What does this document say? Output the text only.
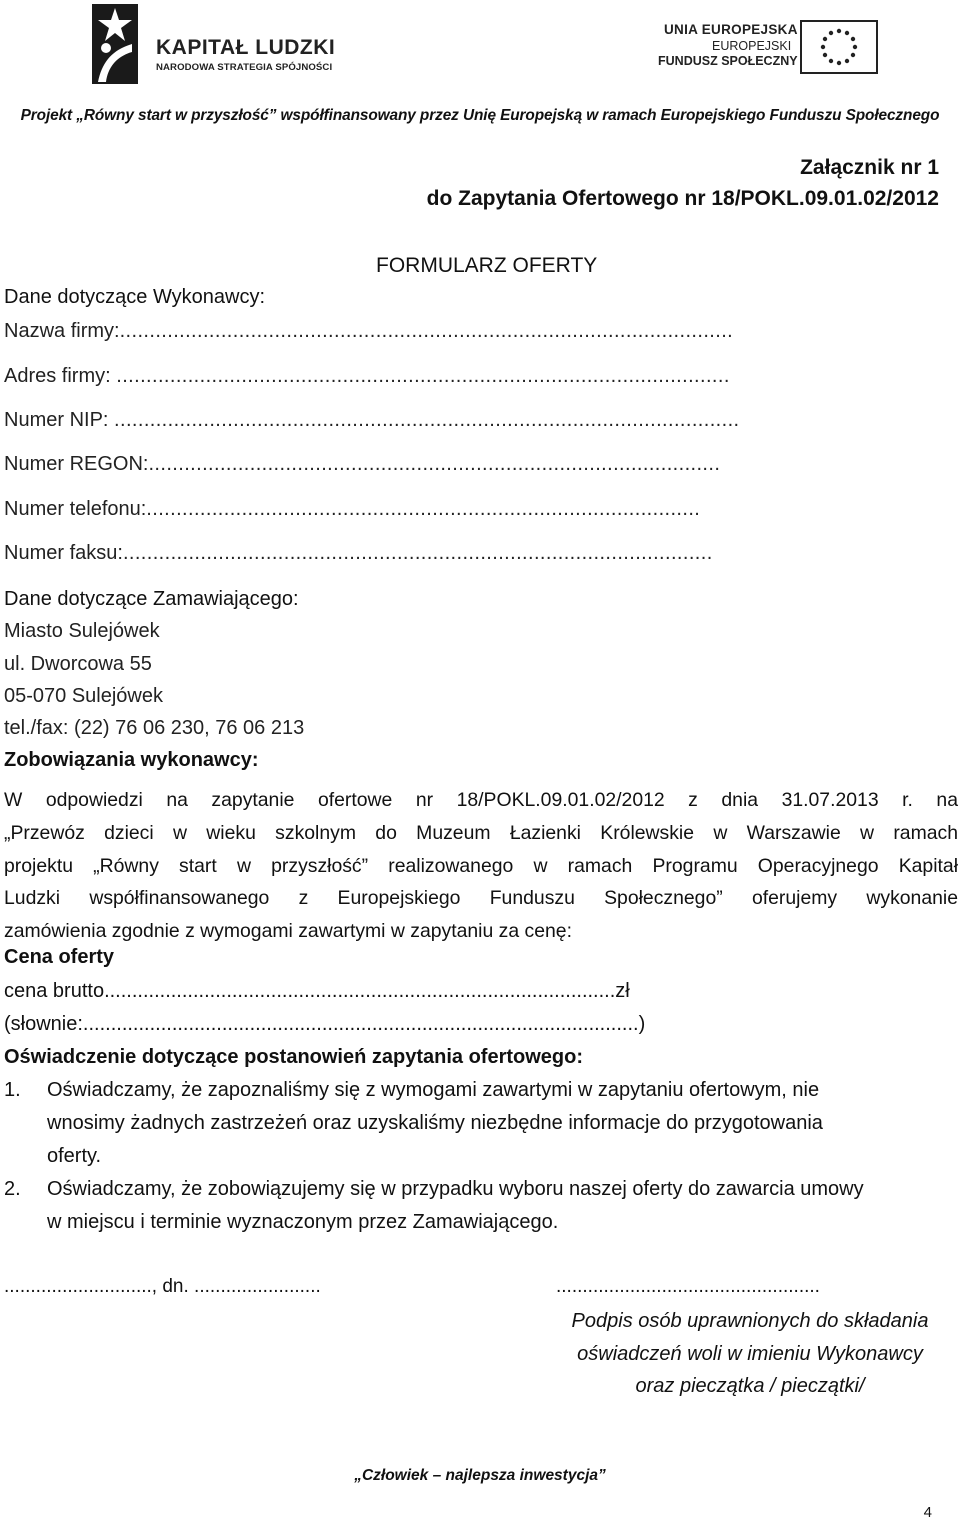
KAPITAŁ LUDZKI
NARODOWA STRATEGIA SPÓJNOŚCI
UNIA EUROPEJSKA
EUROPEJSKI
FUNDUSZ SPOŁECZNY
Projekt „Równy start w przyszłość” współfinansowany przez Unię Europejską w ramach Europejskiego Funduszu Społecznego
Załącznik nr 1
do Zapytania Ofertowego nr 18/POKL.09.01.02/2012
FORMULARZ OFERTY
Dane dotyczące Wykonawcy:
Nazwa firmy:.......................................................................................................
Adres firmy: .......................................................................................................
Numer NIP: .........................................................................................................
Numer REGON:................................................................................................
Numer telefonu:.............................................................................................
Numer faksu:...................................................................................................
Dane dotyczące Zamawiającego:
Miasto Sulejówek
ul. Dworcowa 55
05-070 Sulejówek
tel./fax: (22) 76 06 230, 76 06 213
Zobowiązania wykonawcy:
W odpowiedzi na zapytanie ofertowe nr 18/POKL.09.01.02/2012 z dnia 31.07.2013 r. na
„Przewóz dzieci w wieku szkolnym do Muzeum Łazienki Królewskie w Warszawie w ramach
projektu „Równy start w przyszłość” realizowanego w ramach Programu Operacyjnego Kapitał
Ludzki współfinansowanego z Europejskiego Funduszu Społecznego” oferujemy wykonanie
zamówienia zgodnie z wymogami zawartymi w zapytaniu za cenę:
Cena oferty
cena brutto............................................................................................zł
(słownie:....................................................................................................)
Oświadczenie dotyczące postanowień zapytania ofertowego:
1. Oświadczamy, że zapoznaliśmy się z wymogami zawartymi w zapytaniu ofertowym, nie
wnosimy żadnych zastrzeżeń oraz uzyskaliśmy niezbędne informacje do przygotowania
oferty.
2. Oświadczamy, że zobowiązujemy się w przypadku wyboru naszej oferty do zawarcia umowy
w miejscu i terminie wyznaczonym przez Zamawiającego.
............................, dn. ........................	..................................................
Podpis osób uprawnionych do składania
oświadczeń woli w imieniu Wykonawcy
oraz pieczątka / pieczątki/
„Człowiek – najlepsza inwestycja”
4
